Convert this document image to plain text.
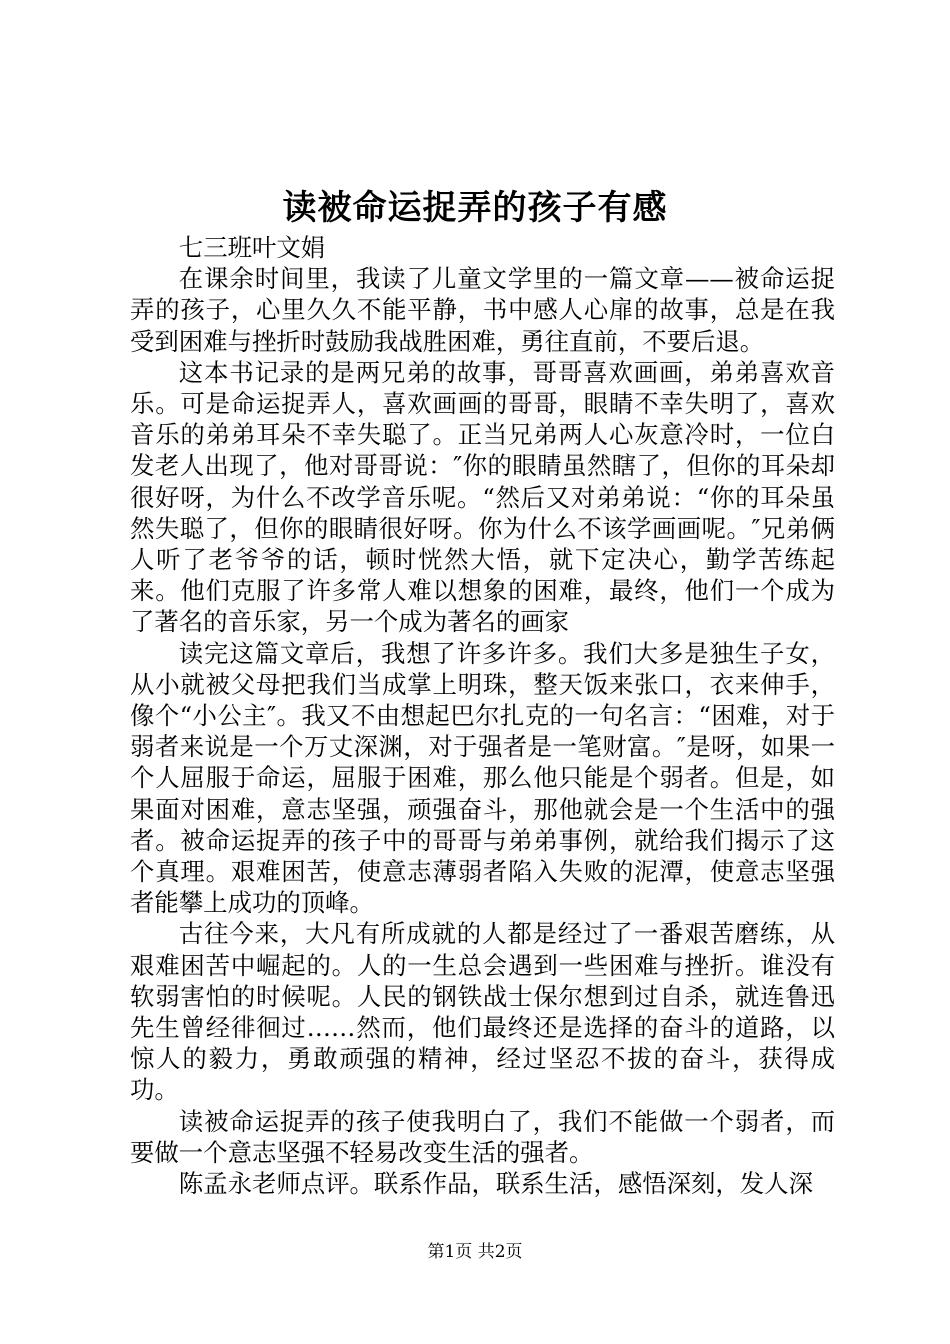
读被命运捉弄的孩子有感

七三班叶文娟

在课余时间里，我读了儿童文学里的一篇文章——被命运捉弄的孩子，心里久久不能平静，书中感人心扉的故事，总是在我受到困难与挫折时鼓励我战胜困难，勇往直前，不要后退。

这本书记录的是两兄弟的故事，哥哥喜欢画画，弟弟喜欢音乐。可是命运捉弄人，喜欢画画的哥哥，眼睛不幸失明了，喜欢音乐的弟弟耳朵不幸失聪了。正当兄弟两人心灰意冷时，一位白发老人出现了，他对哥哥说：″你的眼睛虽然瞎了，但你的耳朵却很好呀，为什么不改学音乐呢。“然后又对弟弟说：“你的耳朵虽然失聪了，但你的眼睛很好呀。你为什么不该学画画呢。″兄弟俩人听了老爷爷的话，顿时恍然大悟，就下定决心，勤学苦练起来。他们克服了许多常人难以想象的困难，最终，他们一个成为了著名的音乐家，另一个成为著名的画家

读完这篇文章后，我想了许多许多。我们大多是独生子女，从小就被父母把我们当成掌上明珠，整天饭来张口，衣来伸手，像个“小公主″。我又不由想起巴尔扎克的一句名言：“困难，对于弱者来说是一个万丈深渊，对于强者是一笔财富。″是呀，如果一个人屈服于命运，屈服于困难，那么他只能是个弱者。但是，如果面对困难，意志坚强，顽强奋斗，那他就会是一个生活中的强者。被命运捉弄的孩子中的哥哥与弟弟事例，就给我们揭示了这个真理。艰难困苦，使意志薄弱者陷入失败的泥潭，使意志坚强者能攀上成功的顶峰。

古往今来，大凡有所成就的人都是经过了一番艰苦磨练，从艰难困苦中崛起的。人的一生总会遇到一些困难与挫折。谁没有软弱害怕的时候呢。人民的钢铁战士保尔想到过自杀，就连鲁迅先生曾经徘徊过……然而，他们最终还是选择的奋斗的道路，以惊人的毅力，勇敢顽强的精神，经过坚忍不拔的奋斗，获得成功。

读被命运捉弄的孩子使我明白了，我们不能做一个弱者，而要做一个意志坚强不轻易改变生活的强者。

陈孟永老师点评。联系作品，联系生活，感悟深刻，发人深

第1页 共2页
